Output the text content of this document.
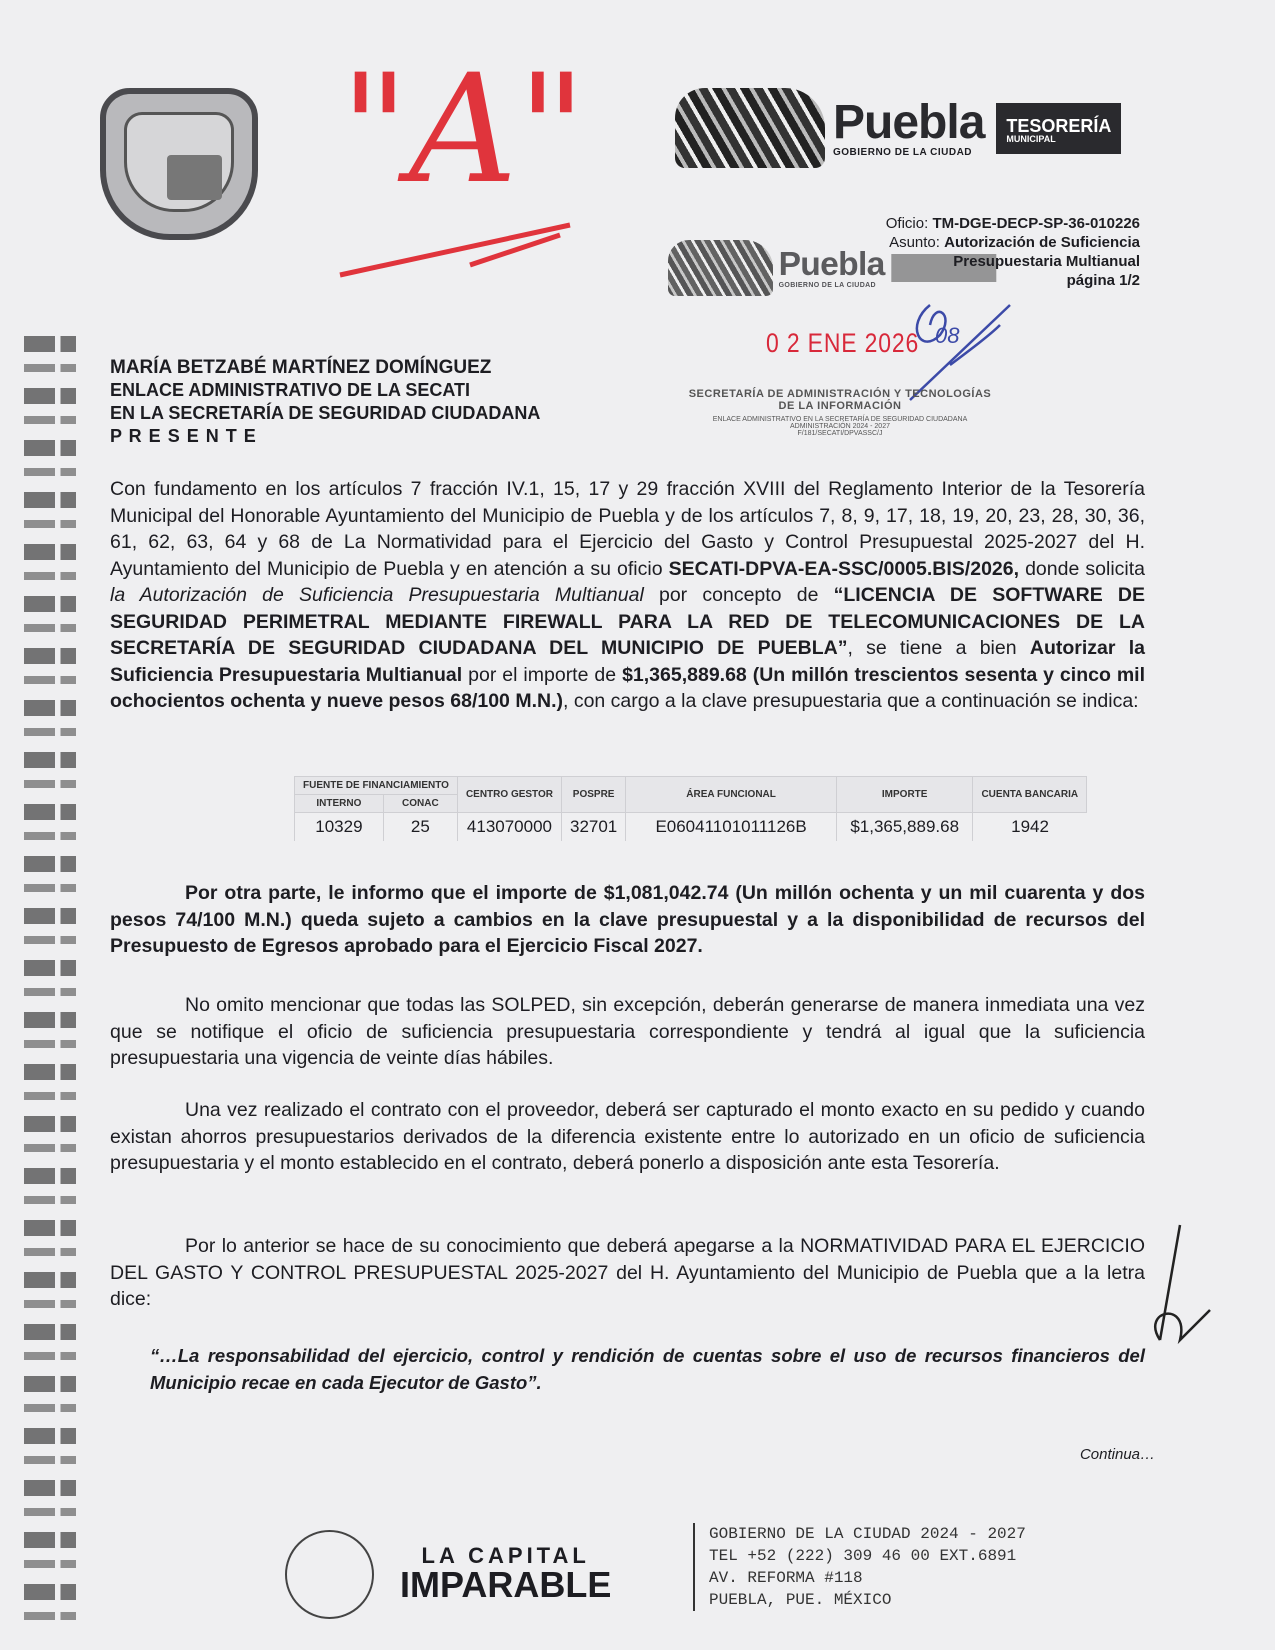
"A"	Puebla
GOBIERNO DE LA CIUDAD
TESORERÍA
MUNICIPAL
Puebla
GOBIERNO DE LA CIUDAD
Oficio: TM-DGE-DECP-SP-36-010226
Asunto: Autorización de Suficiencia
Presupuestaria Multianual
página 1/2
0 2 ENE 2026 08
SECRETARÍA DE ADMINISTRACIÓN Y TECNOLOGÍAS
DE LA INFORMACIÓN
ENLACE ADMINISTRATIVO EN LA SECRETARÍA DE SEGURIDAD CIUDADANA
ADMINISTRACIÓN 2024 - 2027
F/181/SECATI/DPVASSC/J
MARÍA BETZABÉ MARTÍNEZ DOMÍNGUEZ
ENLACE ADMINISTRATIVO DE LA SECATI
EN LA SECRETARÍA DE SEGURIDAD CIUDADANA
P R E S E N T E
Con fundamento en los artículos 7 fracción IV.1, 15, 17 y 29 fracción XVIII del Reglamento Interior de la Tesorería Municipal del Honorable Ayuntamiento del Municipio de Puebla y de los artículos 7, 8, 9, 17, 18, 19, 20, 23, 28, 30, 36, 61, 62, 63, 64 y 68 de La Normatividad para el Ejercicio del Gasto y Control Presupuestal 2025-2027 del H. Ayuntamiento del Municipio de Puebla y en atención a su oficio SECATI-DPVA-EA-SSC/0005.BIS/2026, donde solicita la Autorización de Suficiencia Presupuestaria Multianual por concepto de “LICENCIA DE SOFTWARE DE SEGURIDAD PERIMETRAL MEDIANTE FIREWALL PARA LA RED DE TELECOMUNICACIONES DE LA SECRETARÍA DE SEGURIDAD CIUDADANA DEL MUNICIPIO DE PUEBLA”, se tiene a bien Autorizar la Suficiencia Presupuestaria Multianual por el importe de $1,365,889.68 (Un millón trescientos sesenta y cinco mil ochocientos ochenta y nueve pesos 68/100 M.N.), con cargo a la clave presupuestaria que a continuación se indica:
FUENTE DE FINANCIAMIENTO		CENTRO GESTOR	POSPRE	ÁREA FUNCIONAL	IMPORTE	CUENTA BANCARIA
INTERNO	CONAC					
10329	25	413070000	32701	E06041101011126B	$1,365,889.68	1942
Por otra parte, le informo que el importe de $1,081,042.74 (Un millón ochenta y un mil cuarenta y dos pesos 74/100 M.N.) queda sujeto a cambios en la clave presupuestal y a la disponibilidad de recursos del Presupuesto de Egresos aprobado para el Ejercicio Fiscal 2027.
No omito mencionar que todas las SOLPED, sin excepción, deberán generarse de manera inmediata una vez que se notifique el oficio de suficiencia presupuestaria correspondiente y tendrá al igual que la suficiencia presupuestaria una vigencia de veinte días hábiles.
Una vez realizado el contrato con el proveedor, deberá ser capturado el monto exacto en su pedido y cuando existan ahorros presupuestarios derivados de la diferencia existente entre lo autorizado en un oficio de suficiencia presupuestaria y el monto establecido en el contrato, deberá ponerlo a disposición ante esta Tesorería.
Por lo anterior se hace de su conocimiento que deberá apegarse a la NORMATIVIDAD PARA EL EJERCICIO DEL GASTO Y CONTROL PRESUPUESTAL 2025-2027 del H. Ayuntamiento del Municipio de Puebla que a la letra dice:
“…La responsabilidad del ejercicio, control y rendición de cuentas sobre el uso de recursos financieros del Municipio recae en cada Ejecutor de Gasto”.
Continua…
LA CAPITAL
IMPARABLE
GOBIERNO DE LA CIUDAD 2024 - 2027
TEL +52 (222) 309 46 00 EXT.6891
AV. REFORMA #118
PUEBLA, PUE. MÉXICO
